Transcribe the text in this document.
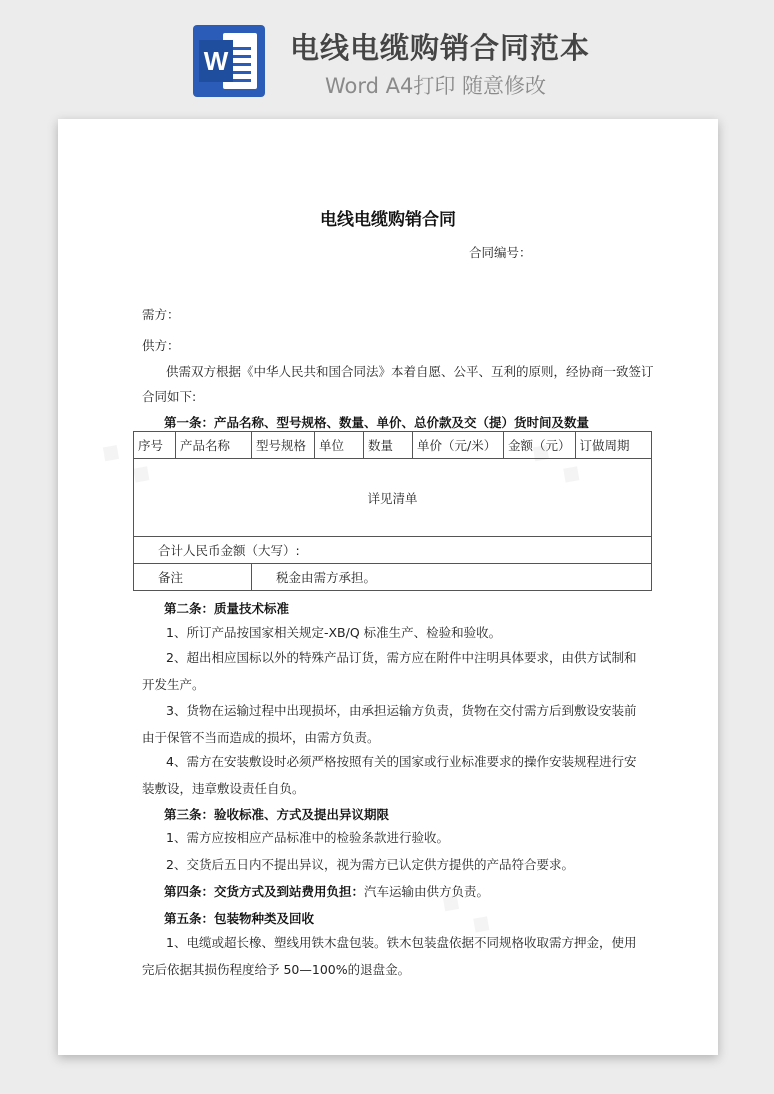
W 电线电缆购销合同范本
Word A4打印 随意修改
电线电缆购销合同
合同编号：
需方：
供方：
供需双方根据《中华人民共和国合同法》本着自愿、公平、互利的原则，经协商一致签订
合同如下:
第一条：产品名称、型号规格、数量、单价、总价款及交（提）货时间及数量
序号	产品名称	型号规格	单位	数量	单价（元/米）	金额（元）	订做周期
详见清单							
合计人民币金额（大写）:							
备注		税金由需方承担。					
第二条：质量技术标准
1、所订产品按国家相关规定-XB/Q 标准生产、检验和验收。
2、超出相应国标以外的特殊产品订货，需方应在附件中注明具体要求，由供方试制和开发生产。
3、货物在运输过程中出现损坏，由承担运输方负责，货物在交付需方后到敷设安装前由于保管不当而造成的损坏，由需方负责。
4、需方在安装敷设时必须严格按照有关的国家或行业标准要求的操作安装规程进行安装敷设，违章敷设责任自负。
第三条：验收标准、方式及提出异议期限
1、需方应按相应产品标准中的检验条款进行验收。
2、交货后五日内不提出异议，视为需方已认定供方提供的产品符合要求。
第四条：交货方式及到站费用负担：汽车运输由供方负责。
第五条：包装物种类及回收
1、电缆或超长橡、塑线用铁木盘包装。铁木包装盘依据不同规格收取需方押金，使用完后依据其损伤程度给予 50—100%的退盘金。
